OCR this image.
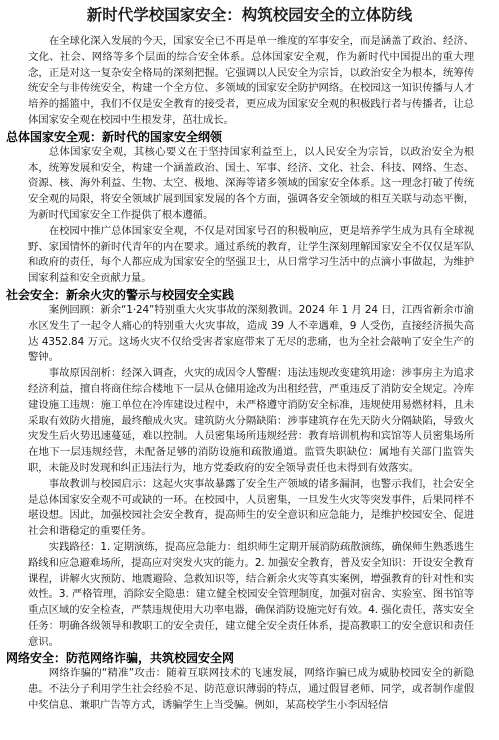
新时代学校国家安全：构筑校园安全的立体防线

在全球化深入发展的今天，国家安全已不再是单一维度的军事安全，而是涵盖了政治、经济、文化、社会、网络等多个层面的综合安全体系。总体国家安全观，作为新时代中国提出的重大理念，正是对这一复杂安全格局的深刻把握。它强调以人民安全为宗旨，以政治安全为根本，统筹传统安全与非传统安全，构建一个全方位、多领域的国家安全防护网络。在校园这一知识传播与人才培养的摇篮中，我们不仅是安全教育的接受者，更应成为国家安全观的积极践行者与传播者，让总体国家安全观在校园中生根发芽，茁壮成长。

总体国家安全观：新时代的国家安全纲领

总体国家安全观，其核心要义在于坚持国家利益至上，以人民安全为宗旨，以政治安全为根本，统筹发展和安全，构建一个涵盖政治、国土、军事、经济、文化、社会、科技、网络、生态、资源、核、海外利益、生物、太空、极地、深海等诸多领域的国家安全体系。这一理念打破了传统安全观的局限，将安全领域扩展到国家发展的各个方面，强调各安全领域的相互关联与动态平衡，为新时代国家安全工作提供了根本遵循。

在校园中推广总体国家安全观，不仅是对国家号召的积极响应，更是培养学生成为具有全球视野、家国情怀的新时代青年的内在要求。通过系统的教育，让学生深刻理解国家安全不仅仅是军队和政府的责任，每个人都应成为国家安全的坚强卫士，从日常学习生活中的点滴小事做起，为维护国家利益和安全贡献力量。

社会安全：新余火灾的警示与校园安全实践

案例回顾：新余“1·24”特别重大火灾事故的深刻教训。2024 年 1 月 24 日，江西省新余市渝水区发生了一起令人痛心的特别重大火灾事故，造成 39 人不幸遇难，9 人受伤，直接经济损失高达 4352.84 万元。这场火灾不仅给受害者家庭带来了无尽的悲痛，也为全社会敲响了安全生产的警钟。

事故原因剖析：经深入调查，火灾的成因令人警醒：违法违规改变建筑用途：涉事房主为追求经济利益，擅自将商住综合楼地下一层从仓储用途改为出租经营，严重违反了消防安全规定。冷库建设施工违规：施工单位在冷库建设过程中，未严格遵守消防安全标准，违规使用易燃材料，且未采取有效防火措施，最终酿成火灾。建筑防火分隔缺陷：涉事建筑存在先天防火分隔缺陷，导致火灾发生后火势迅速蔓延，难以控制。人员密集场所违规经营：教育培训机构和宾馆等人员密集场所在地下一层违规经营，未配备足够的消防设施和疏散通道。监管失职缺位：属地有关部门监管失职，未能及时发现和纠正违法行为，地方党委政府的安全领导责任也未得到有效落实。

事故教训与校园启示：这起火灾事故暴露了安全生产领域的诸多漏洞，也警示我们，社会安全是总体国家安全观不可或缺的一环。在校园中，人员密集，一旦发生火灾等突发事件，后果同样不堪设想。因此，加强校园社会安全教育，提高师生的安全意识和应急能力，是维护校园安全、促进社会和谐稳定的重要任务。

实践路径：1. 定期演练，提高应急能力：组织师生定期开展消防疏散演练，确保师生熟悉逃生路线和应急避难场所，提高应对突发火灾的能力。2. 加强安全教育，普及安全知识：开设安全教育课程，讲解火灾预防、地震避险、急救知识等，结合新余火灾等真实案例，增强教育的针对性和实效性。3. 严格管理，消除安全隐患：建立健全校园安全管理制度，加强对宿舍、实验室、图书馆等重点区域的安全检查，严禁违规使用大功率电器，确保消防设施完好有效。4. 强化责任，落实安全任务：明确各级领导和教职工的安全责任，建立健全安全责任体系，提高教职工的安全意识和责任意识。

网络安全：防范网络诈骗，共筑校园安全网

网络诈骗的“精准”攻击：随着互联网技术的飞速发展，网络诈骗已成为威胁校园安全的新隐患。不法分子利用学生社会经验不足、防范意识薄弱的特点，通过假冒老师、同学，或者制作虚假中奖信息、兼职广告等方式，诱骗学生上当受骗。例如，某高校学生小李因轻信
